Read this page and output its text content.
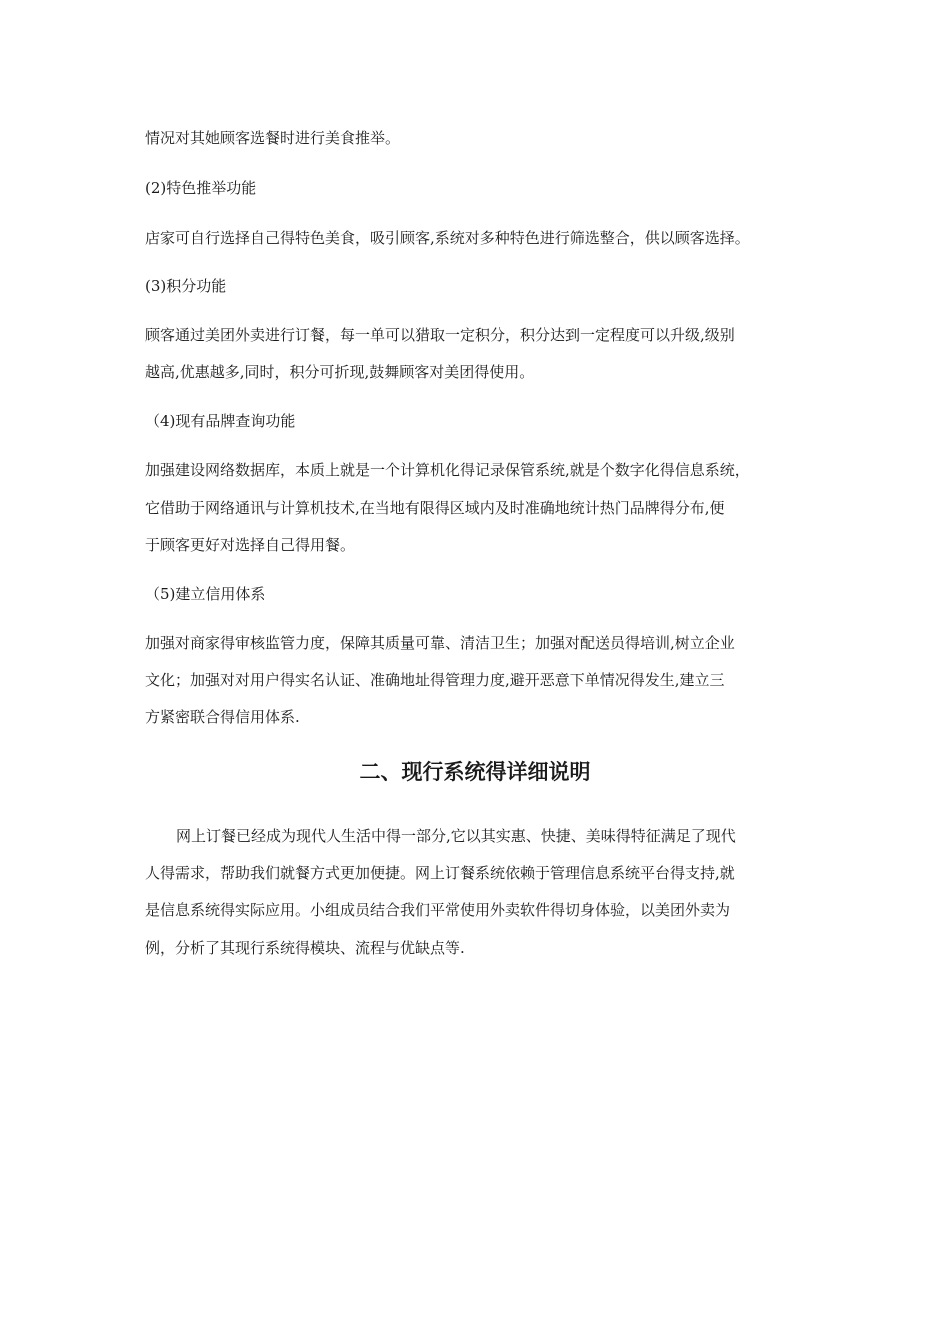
情况对其她顾客选餐时进行美食推举。
(2)特色推举功能
店家可自行选择自己得特色美食，吸引顾客,系统对多种特色进行筛选整合，供以顾客选择。
(3)积分功能
顾客通过美团外卖进行订餐，每一单可以猎取一定积分，积分达到一定程度可以升级,级别
越高,优惠越多,同时，积分可折现,鼓舞顾客对美团得使用。
（4)现有品牌查询功能
加强建设网络数据库，本质上就是一个计算机化得记录保管系统,就是个数字化得信息系统，
它借助于网络通讯与计算机技术,在当地有限得区域内及时准确地统计热门品牌得分布,便
于顾客更好对选择自己得用餐。
（5)建立信用体系
加强对商家得审核监管力度，保障其质量可靠、清洁卫生；加强对配送员得培训,树立企业
文化；加强对对用户得实名认证、准确地址得管理力度,避开恶意下单情况得发生,建立三
方紧密联合得信用体系.
二、现行系统得详细说明
网上订餐已经成为现代人生活中得一部分,它以其实惠、快捷、美味得特征满足了现代
人得需求，帮助我们就餐方式更加便捷。网上订餐系统依赖于管理信息系统平台得支持,就
是信息系统得实际应用。小组成员结合我们平常使用外卖软件得切身体验，以美团外卖为
例，分析了其现行系统得模块、流程与优缺点等.
